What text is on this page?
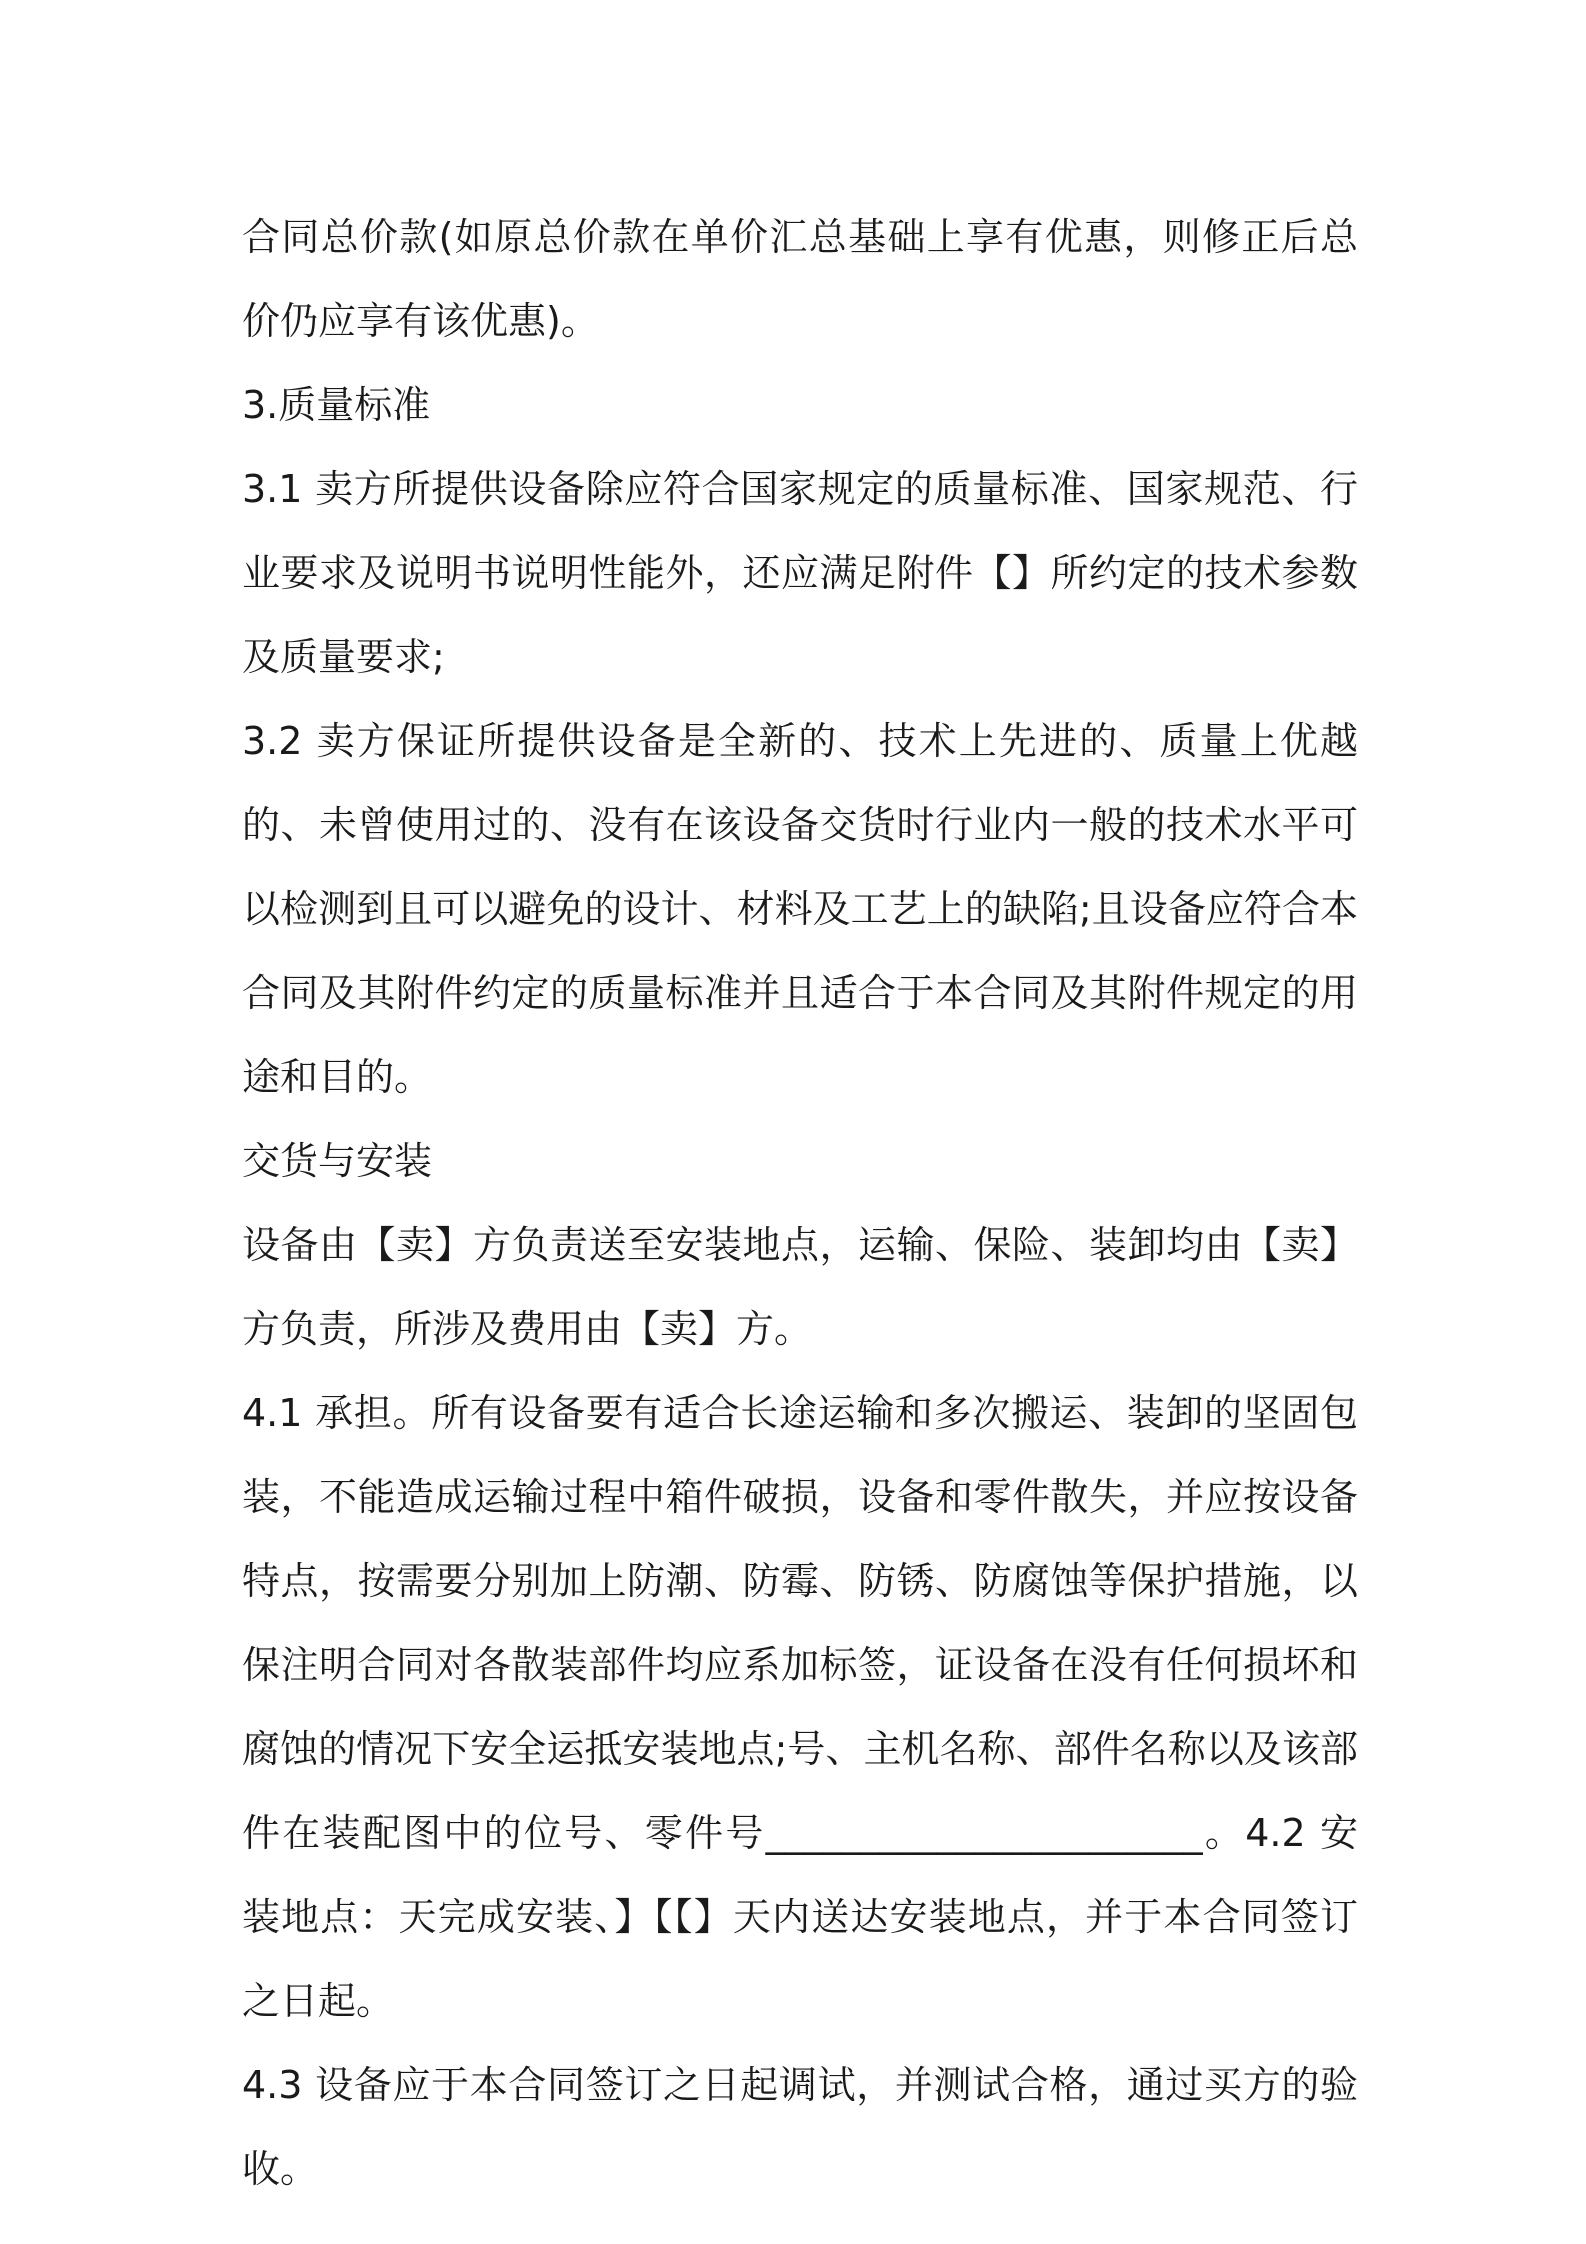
合同总价款(如原总价款在单价汇总基础上享有优惠，则修正后总价仍应享有该优惠)。

3.质量标准

3.1 卖方所提供设备除应符合国家规定的质量标准、国家规范、行业要求及说明书说明性能外，还应满足附件【】所约定的技术参数及质量要求;

3.2 卖方保证所提供设备是全新的、技术上先进的、质量上优越的、未曾使用过的、没有在该设备交货时行业内一般的技术水平可以检测到且可以避免的设计、材料及工艺上的缺陷;且设备应符合本合同及其附件约定的质量标准并且适合于本合同及其附件规定的用途和目的。

交货与安装

设备由【卖】方负责送至安装地点，运输、保险、装卸均由【卖】方负责，所涉及费用由【卖】方。

4.1 承担。所有设备要有适合长途运输和多次搬运、装卸的坚固包装，不能造成运输过程中箱件破损，设备和零件散失，并应按设备特点，按需要分别加上防潮、防霉、防锈、防腐蚀等保护措施，以保注明合同对各散装部件均应系加标签，证设备在没有任何损坏和腐蚀的情况下安全运抵安装地点;号、主机名称、部件名称以及该部件在装配图中的位号、零件号_______________________。4.2 安装地点：天完成安装、】【【】天内送达安装地点，并于本合同签订之日起。

4.3 设备应于本合同签订之日起调试，并测试合格，通过买方的验收。
